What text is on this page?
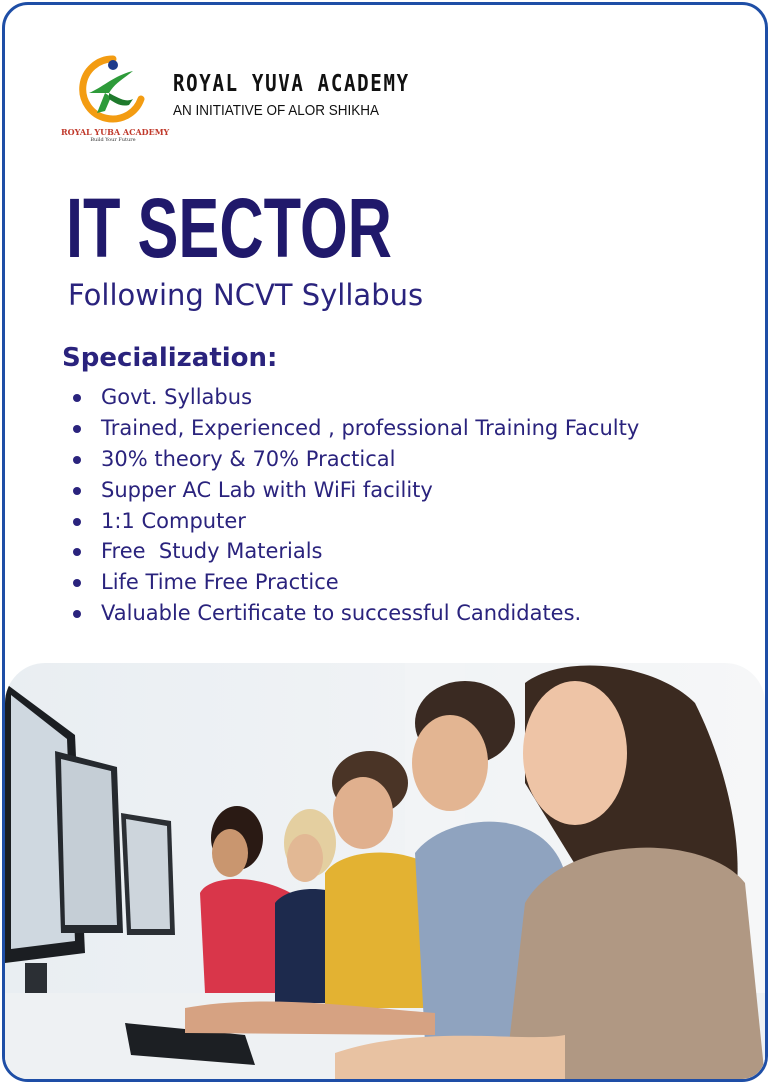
ROYAL YUBA ACADEMY
Build Your Future
ROYAL YUVA ACADEMY
AN INITIATIVE OF ALOR SHIKHA
IT SECTOR
Following NCVT Syllabus
Specialization:
Govt. Syllabus
Trained, Experienced , professional Training Faculty
30% theory & 70% Practical
Supper AC Lab with WiFi facility
1:1 Computer
Free  Study Materials
Life Time Free Practice
Valuable Certificate to successful Candidates.
